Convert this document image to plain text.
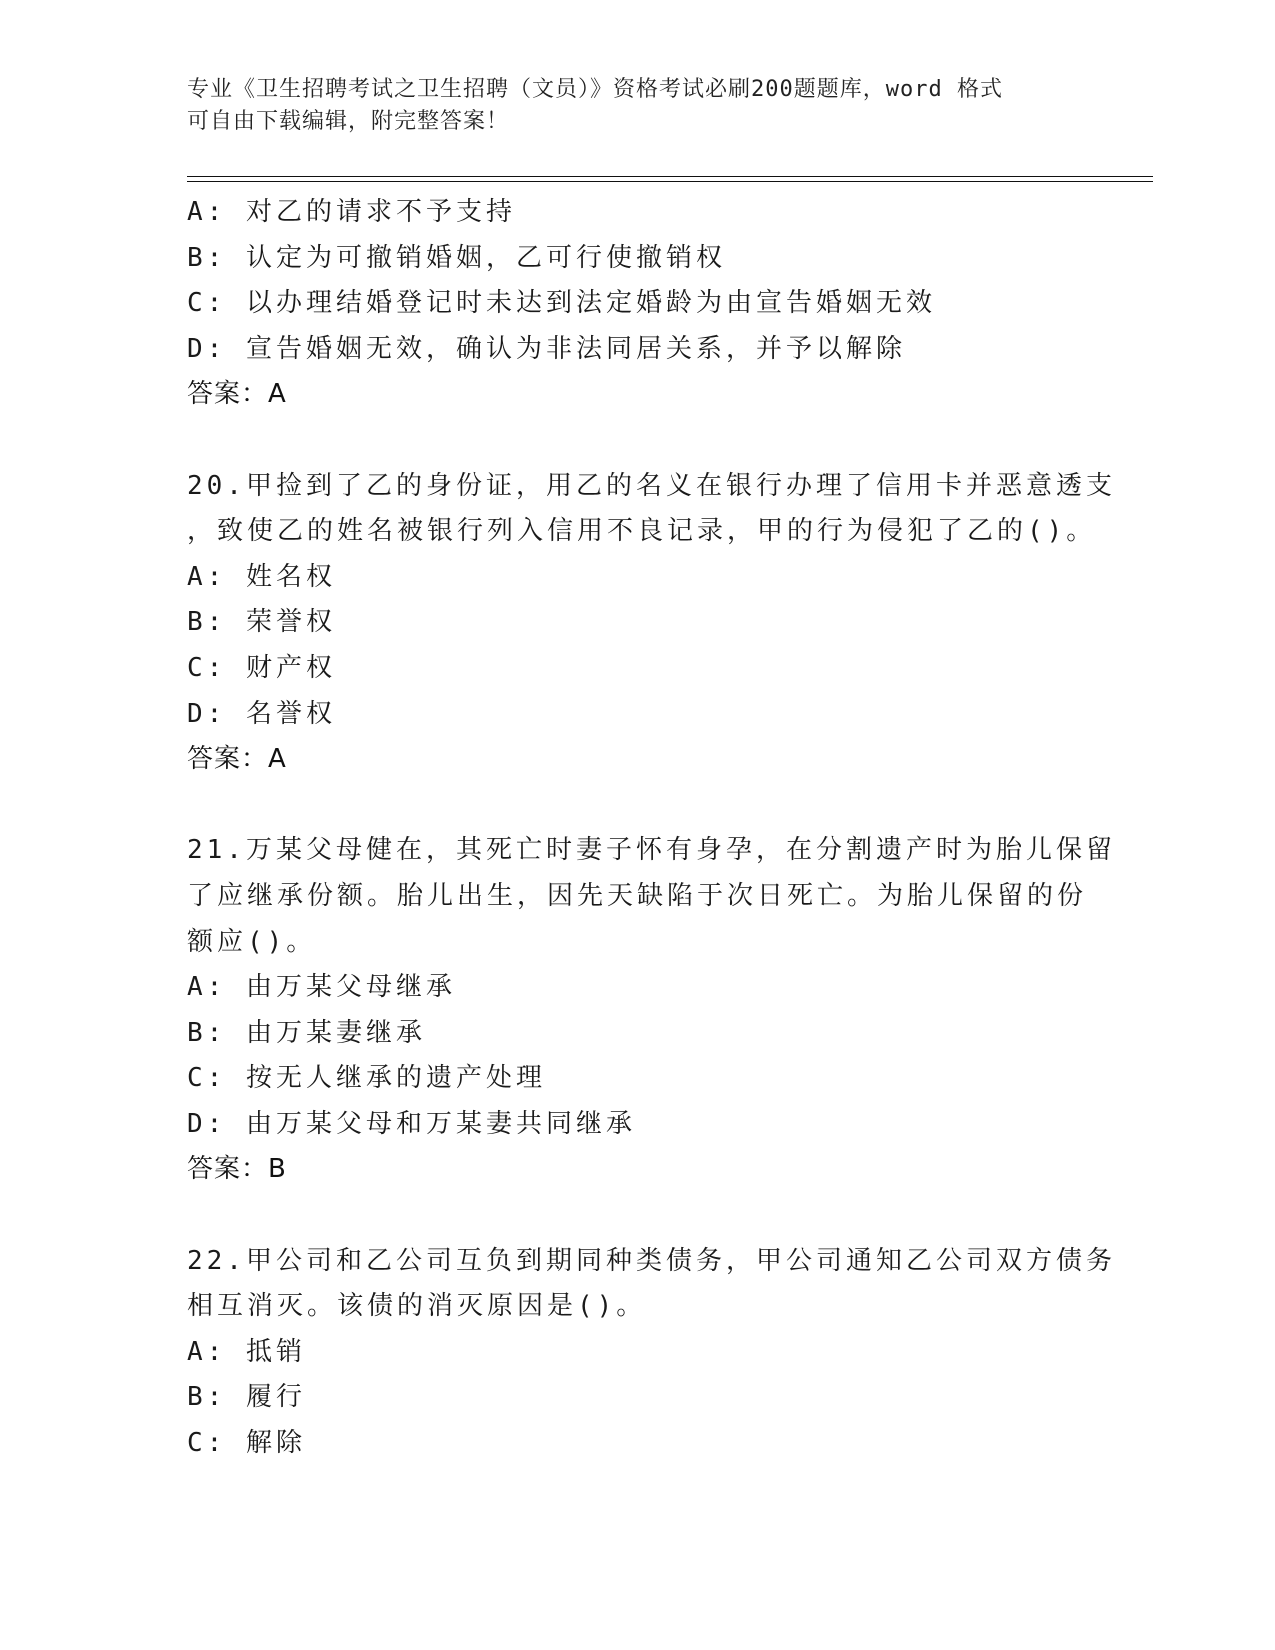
专业《卫生招聘考试之卫生招聘（文员）》资格考试必刷200题题库，word 格式
可自由下载编辑，附完整答案！
A: 对乙的请求不予支持
B: 认定为可撤销婚姻，乙可行使撤销权
C: 以办理结婚登记时未达到法定婚龄为由宣告婚姻无效
D: 宣告婚姻无效，确认为非法同居关系，并予以解除
答案：A
20.甲捡到了乙的身份证，用乙的名义在银行办理了信用卡并恶意透支
，致使乙的姓名被银行列入信用不良记录，甲的行为侵犯了乙的()。
A: 姓名权
B: 荣誉权
C: 财产权
D: 名誉权
答案：A
21.万某父母健在，其死亡时妻子怀有身孕，在分割遗产时为胎儿保留
了应继承份额。胎儿出生，因先天缺陷于次日死亡。为胎儿保留的份
额应()。
A: 由万某父母继承
B: 由万某妻继承
C: 按无人继承的遗产处理
D: 由万某父母和万某妻共同继承
答案：B
22.甲公司和乙公司互负到期同种类债务，甲公司通知乙公司双方债务
相互消灭。该债的消灭原因是()。
A: 抵销
B: 履行
C: 解除
